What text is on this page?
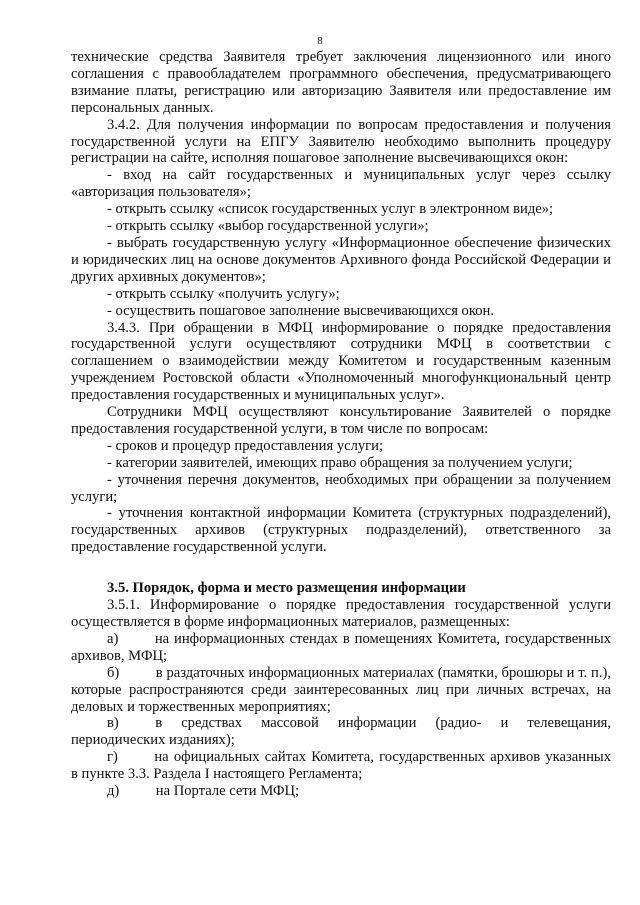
8

технические средства Заявителя требует заключения лицензионного или иного соглашения с правообладателем программного обеспечения, предусматривающего взимание платы, регистрацию или авторизацию Заявителя или предоставление им персональных данных.

3.4.2. Для получения информации по вопросам предоставления и получения государственной услуги на ЕПГУ Заявителю необходимо выполнить процедуру регистрации на сайте, исполняя пошаговое заполнение высвечивающихся окон:

- вход на сайт государственных и муниципальных услуг через ссылку «авторизация пользователя»;

- открыть ссылку «список государственных услуг в электронном виде»;

- открыть ссылку «выбор государственной услуги»;

- выбрать государственную услугу «Информационное обеспечение физических и юридических лиц на основе документов Архивного фонда Российской Федерации и других архивных документов»;

- открыть ссылку «получить услугу»;

- осуществить пошаговое заполнение высвечивающихся окон.

3.4.3. При обращении в МФЦ информирование о порядке предоставления государственной услуги осуществляют сотрудники МФЦ в соответствии с соглашением о взаимодействии между Комитетом и государственным казенным учреждением Ростовской области «Уполномоченный многофункциональный центр предоставления государственных и муниципальных услуг».

Сотрудники МФЦ осуществляют консультирование Заявителей о порядке предоставления государственной услуги, в том числе по вопросам:

- сроков и процедур предоставления услуги;

- категории заявителей, имеющих право обращения за получением услуги;

- уточнения перечня документов, необходимых при обращении за получением услуги;

- уточнения контактной информации Комитета (структурных подразделений), государственных архивов (структурных подразделений), ответственного за предоставление государственной услуги.

3.5. Порядок, форма и место размещения информации

3.5.1. Информирование о порядке предоставления государственной услуги осуществляется в форме информационных материалов, размещенных:

а)    на информационных стендах в помещениях Комитета, государственных архивов, МФЦ;

б)    в раздаточных информационных материалах (памятки, брошюры и т. п.), которые распространяются среди заинтересованных лиц при личных встречах, на деловых и торжественных мероприятиях;

в)    в средствах массовой информации (радио- и телевещания, периодических изданиях);

г)    на официальных сайтах Комитета, государственных архивов указанных в пункте 3.3. Раздела I настоящего Регламента;

д)    на Портале сети МФЦ;
